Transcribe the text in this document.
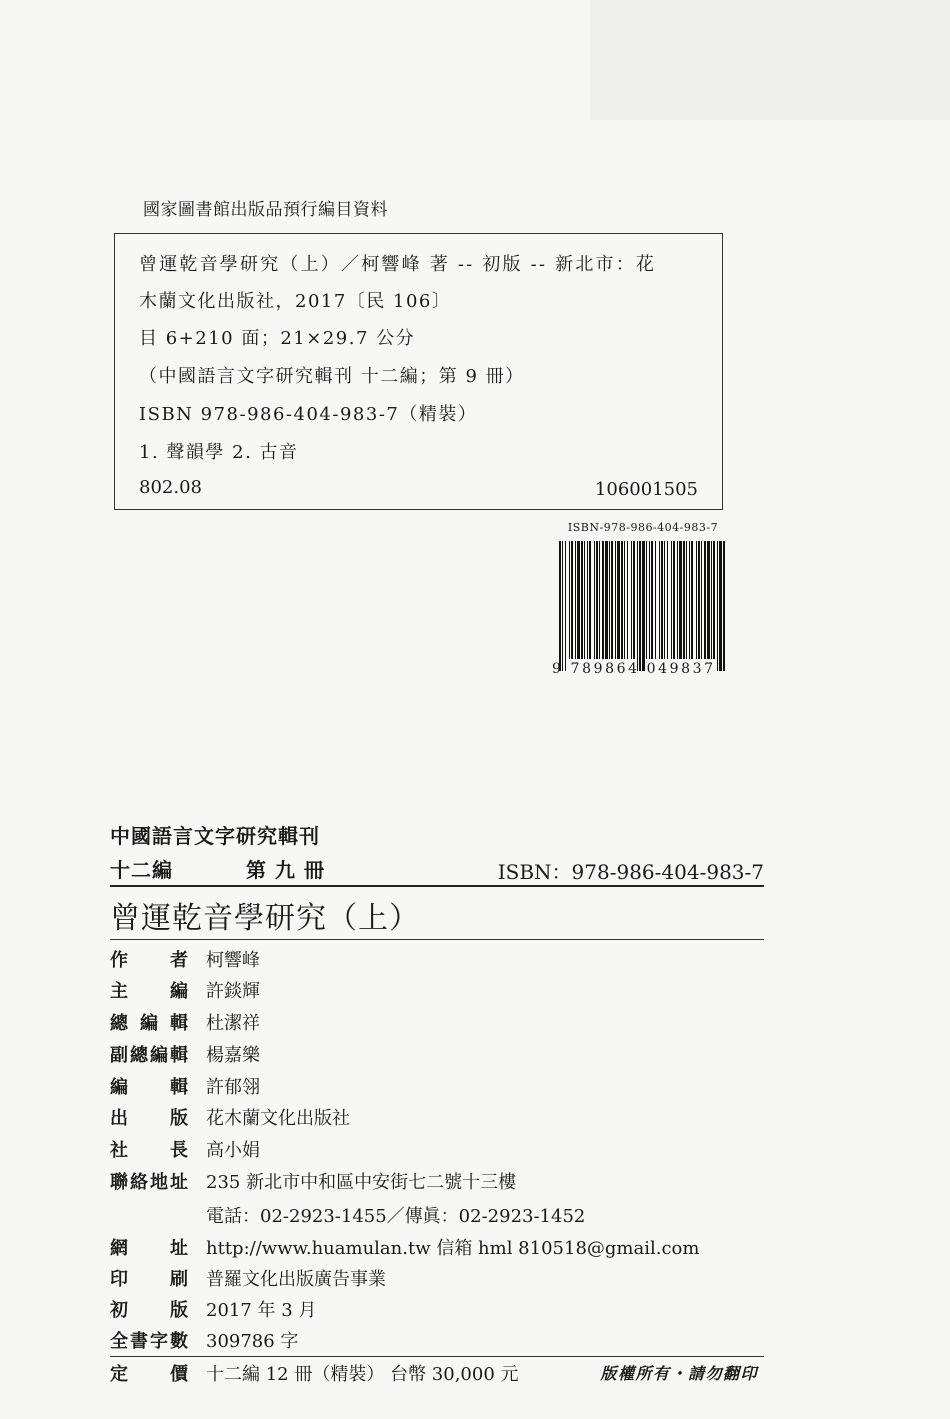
國家圖書館出版品預行編目資料
曾運乾音學研究（上）／柯響峰 著 -- 初版 -- 新北市：花
木蘭文化出版社，2017〔民 106〕
目 6+210 面；21×29.7 公分
（中國語言文字研究輯刊 十二編；第 9 冊）
ISBN 978-986-404-983-7（精裝）
1. 聲韻學 2. 古音
802.08	106001505
ISBN-978-986-404-983-7
9 789864 049837
中國語言文字研究輯刊
十二編	第九冊	ISBN：978-986-404-983-7
曾運乾音學研究（上）
作 者 柯響峰
主 編 許錟輝
總 編 輯 杜潔祥
副 總 編 輯 楊嘉樂
編 輯 許郁翎
出 版 花木蘭文化出版社
社 長 高小娟
聯 絡 地 址 235 新北市中和區中安街七二號十三樓
電話：02-2923-1455／傳眞：02-2923-1452
網 址 http://www.huamulan.tw 信箱 hml 810518@gmail.com
印 刷 普羅文化出版廣告事業
初 版 2017 年 3 月
全 書 字 數 309786 字
定 價 十二編 12 冊（精裝） 台幣 30,000 元	版權所有・請勿翻印
